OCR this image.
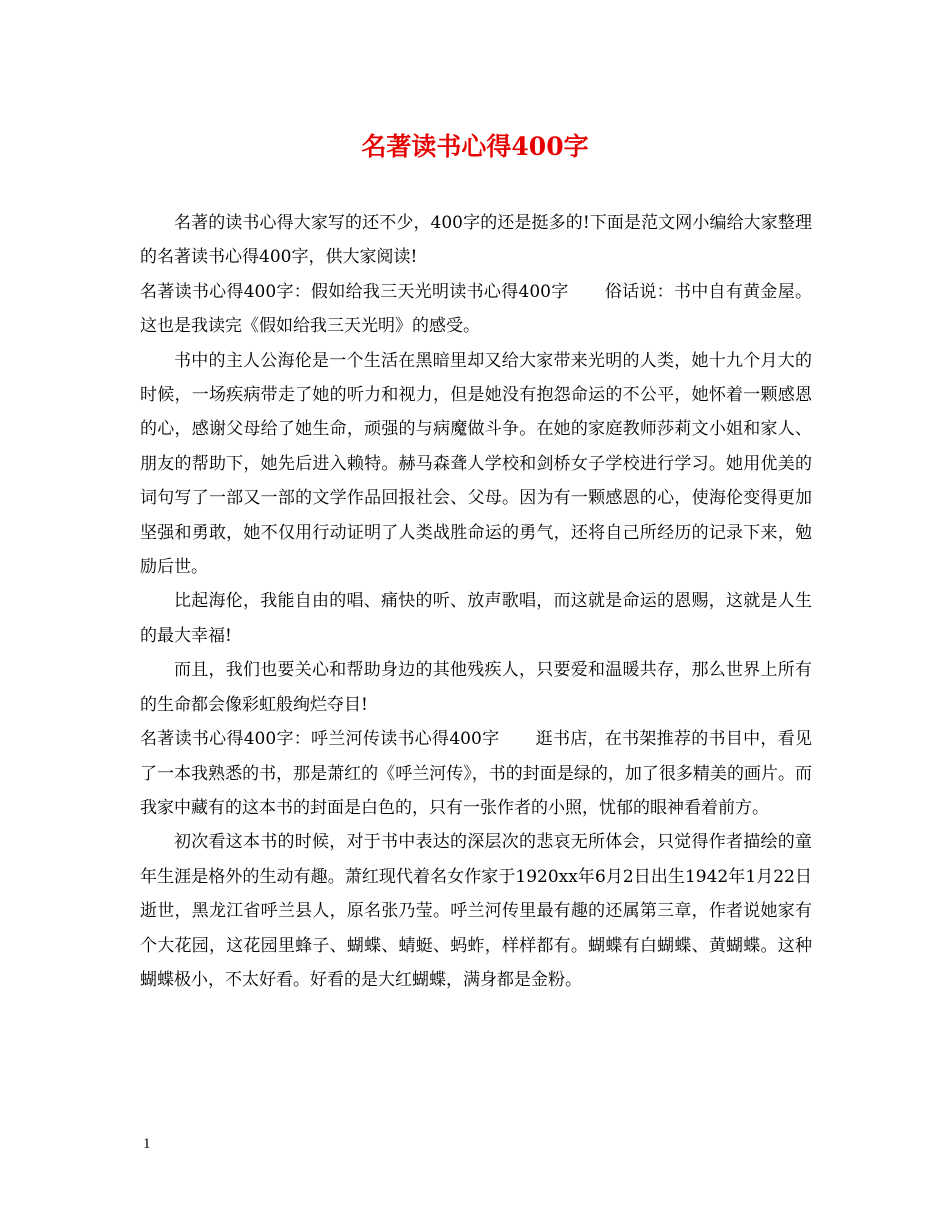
名著读书心得400字

名著的读书心得大家写的还不少，400字的还是挺多的!下面是范文网小编给大家整理的名著读书心得400字，供大家阅读!

名著读书心得400字：假如给我三天光明读书心得400字 俗话说：书中自有黄金屋。这也是我读完《假如给我三天光明》的感受。

书中的主人公海伦是一个生活在黑暗里却又给大家带来光明的人类，她十九个月大的时候，一场疾病带走了她的听力和视力，但是她没有抱怨命运的不公平，她怀着一颗感恩的心，感谢父母给了她生命，顽强的与病魔做斗争。在她的家庭教师莎莉文小姐和家人、朋友的帮助下，她先后进入赖特。赫马森聋人学校和剑桥女子学校进行学习。她用优美的词句写了一部又一部的文学作品回报社会、父母。因为有一颗感恩的心，使海伦变得更加坚强和勇敢，她不仅用行动证明了人类战胜命运的勇气，还将自己所经历的记录下来，勉励后世。

比起海伦，我能自由的唱、痛快的听、放声歌唱，而这就是命运的恩赐，这就是人生的最大幸福!

而且，我们也要关心和帮助身边的其他残疾人，只要爱和温暖共存，那么世界上所有的生命都会像彩虹般绚烂夺目!

名著读书心得400字：呼兰河传读书心得400字 逛书店，在书架推荐的书目中，看见了一本我熟悉的书，那是萧红的《呼兰河传》，书的封面是绿的，加了很多精美的画片。而我家中藏有的这本书的封面是白色的，只有一张作者的小照，忧郁的眼神看着前方。

初次看这本书的时候，对于书中表达的深层次的悲哀无所体会，只觉得作者描绘的童年生涯是格外的生动有趣。萧红现代着名女作家于1920xx年6月2日出生1942年1月22日逝世，黑龙江省呼兰县人，原名张乃莹。呼兰河传里最有趣的还属第三章，作者说她家有个大花园，这花园里蜂子、蝴蝶、蜻蜓、蚂蚱，样样都有。蝴蝶有白蝴蝶、黄蝴蝶。这种蝴蝶极小，不太好看。好看的是大红蝴蝶，满身都是金粉。

1
